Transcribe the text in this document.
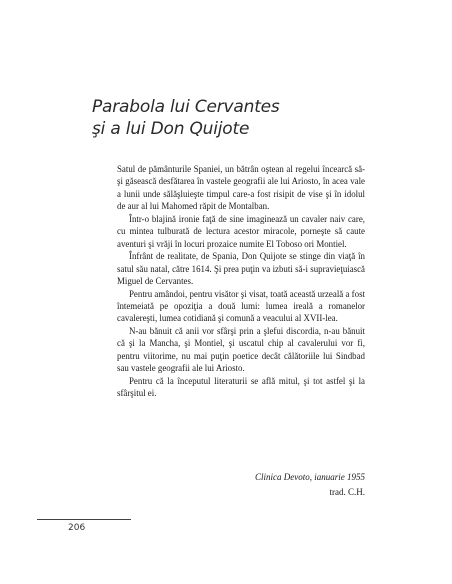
Parabola lui Cervantes
şi a lui Don Quijote

Satul de pământurile Spaniei, un bătrân oştean al regelui încearcă să-şi găsească desfătarea în vastele geografii ale lui Ariosto, în acea vale a lunii unde sălăşluieşte timpul care-a fost risipit de vise şi în idolul de aur al lui Mahomed răpit de Montalban.

Într-o blajină ironie faţă de sine imaginează un cavaler naiv care, cu mintea tulburată de lectura acestor miracole, porneşte să caute aventuri şi vrăji în locuri prozaice numite El Toboso ori Montiel.

Înfrânt de realitate, de Spania, Don Quijote se stinge din viaţă în satul său natal, către 1614. Şi prea puţin va izbuti să-i supravieţuiască Miguel de Cervantes.

Pentru amândoi, pentru visător şi visat, toată această urzeală a fost întemeiată pe opoziţia a două lumi: lumea ireală a romanelor cavalereşti, lumea cotidiană şi comună a veacului al XVII-lea.

N-au bănuit că anii vor sfârşi prin a şlefui discordia, n-au bănuit că şi la Mancha, şi Montiel, şi uscatul chip al cavalerului vor fi, pentru viitorime, nu mai puţin poetice decât călătoriile lui Sindbad sau vastele geografii ale lui Ariosto.

Pentru că la începutul literaturii se află mitul, şi tot astfel şi la sfârşitul ei.

Clinica Devoto, ianuarie 1955
trad. C.H.
206
